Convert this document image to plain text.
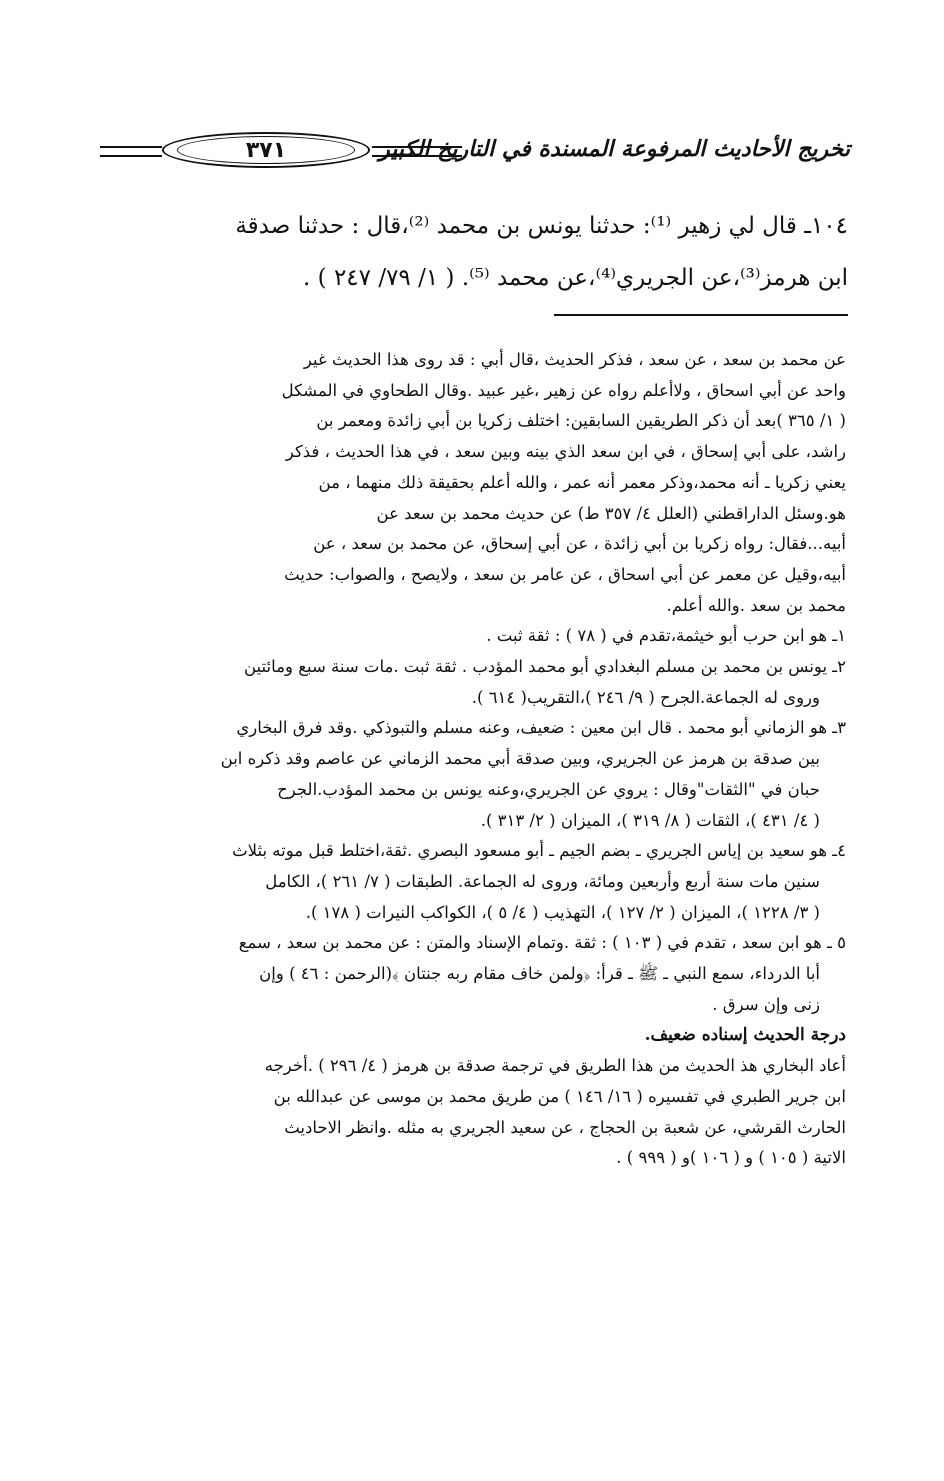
٣٧١	تخريج الأحاديث المرفوعة المسندة في التاريخ الكبير
١٠٤ـ قال لي زهير ⁽¹⁾: حدثنا يونس بن محمد ⁽²⁾،قال : حدثنا صدقة
ابن هرمز⁽³⁾،عن الجريري⁽⁴⁾،عن محمد ⁽⁵⁾. ( ١/ ٧٩/ ٢٤٧ ) .
عن محمد بن سعد ، عن سعد ، فذكر الحديث ،قال أبي : قد روى هذا الحديث غير
واحد عن أبي اسحاق ، ولاأعلم رواه عن زهير ،غير عبيد .وقال الطحاوي في المشكل
( ١/ ٣٦٥ )بعد أن ذكر الطريقين السابقين: اختلف زكريا بن أبي زائدة ومعمر بن
راشد، على أبي إسحاق ، في ابن سعد الذي بينه وبين سعد ، في هذا الحديث ، فذكر
يعني زكريا ـ أنه محمد،وذكر معمر أنه عمر ، والله أعلم بحقيقة ذلك منهما ، من
هو.وسئل الداراقطني (العلل ٤/ ٣٥٧ ط) عن حديث محمد بن سعد عن
أبيه...فقال: رواه زكريا بن أبي زائدة ، عن أبي إسحاق، عن محمد بن سعد ، عن
أبيه،وقيل عن معمر عن أبي اسحاق ، عن عامر بن سعد ، ولايصح ، والصواب: حديث
محمد بن سعد .والله أعلم.
١ـ هو ابن حرب أبو خيثمة،تقدم في ( ٧٨ ) : ثقة ثبت .
٢ـ يونس بن محمد بن مسلم البغدادي أبو محمد المؤدب . ثقة ثبت .مات سنة سبع ومائتين
وروى له الجماعة.الجرح ( ٩/ ٢٤٦ )،التقريب( ٦١٤ ).
٣ـ هو الزماني أبو محمد . قال ابن معين : ضعيف، وعنه مسلم والتبوذكي .وقد فرق البخاري
بين صدقة بن هرمز عن الجريري، وبين صدقة أبي محمد الزماني عن عاصم وقد ذكره ابن
حبان في "الثقات"وقال : يروي عن الجريري،وعنه يونس بن محمد المؤدب.الجرح
( ٤/ ٤٣١ )، الثقات ( ٨/ ٣١٩ )، الميزان ( ٢/ ٣١٣ ).
٤ـ هو سعيد بن إياس الجريري ـ بضم الجيم ـ أبو مسعود البصري .ثقة،اختلط قبل موته بثلاث
سنين مات سنة أربع وأربعين ومائة، وروى له الجماعة. الطبقات ( ٧/ ٢٦١ )، الكامل
( ٣/ ١٢٢٨ )، الميزان ( ٢/ ١٢٧ )، التهذيب ( ٤/ ٥ )، الكواكب النيرات ( ١٧٨ ).
٥ ـ هو ابن سعد ، تقدم في ( ١٠٣ ) : ثقة .وتمام الإسناد والمتن : عن محمد بن سعد ، سمع
أبا الدرداء، سمع النبي ـ ﷺ ـ قرأ: ﴿ولمن خاف مقام ربه جنتان ﴾(الرحمن : ٤٦ ) وإن
زنى وإن سرق .
درجة الحديث إسناده ضعيف.
أعاد البخاري هذ الحديث من هذا الطريق في ترجمة صدقة بن هرمز ( ٤/ ٢٩٦ ) .أخرجه
ابن جرير الطبري في تفسيره ( ١٦/ ١٤٦ ) من طريق محمد بن موسى عن عبدالله بن
الحارث القرشي، عن شعبة بن الحجاج ، عن سعيد الجريري به مثله .وانظر الاحاديث
الاتية ( ١٠٥ ) و ( ١٠٦ )و ( ٩٩٩ ) .
